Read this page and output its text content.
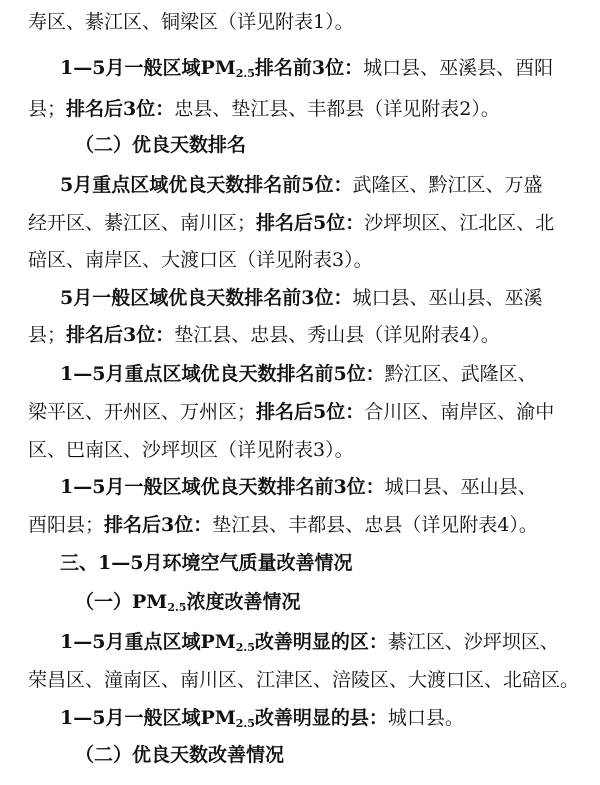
寿区、綦江区、铜梁区（详见附表1）。
1—5月一般区域$PM_{2.5}$排名前3位：城口县、巫溪县、酉阳
县；排名后3位：忠县、垫江县、丰都县（详见附表2）。
（二）优良天数排名
5月重点区域优良天数排名前5位：武隆区、黔江区、万盛
经开区、綦江区、南川区；排名后5位：沙坪坝区、江北区、北
碚区、南岸区、大渡口区（详见附表3）。
5月一般区域优良天数排名前3位：城口县、巫山县、巫溪
县；排名后3位：垫江县、忠县、秀山县（详见附表4）。
1—5月重点区域优良天数排名前5位：黔江区、武隆区、
梁平区、开州区、万州区；排名后5位：合川区、南岸区、渝中
区、巴南区、沙坪坝区（详见附表3）。
1—5月一般区域优良天数排名前3位：城口县、巫山县、
酉阳县；排名后3位：垫江县、丰都县、忠县（详见附表4）。
三、1—5月环境空气质量改善情况
（一）$PM_{2.5}$浓度改善情况
1—5月重点区域$PM_{2.5}$改善明显的区：綦江区、沙坪坝区、
荣昌区、潼南区、南川区、江津区、涪陵区、大渡口区、北碚区。
1—5月一般区域$PM_{2.5}$改善明显的县：城口县。
（二）优良天数改善情况
